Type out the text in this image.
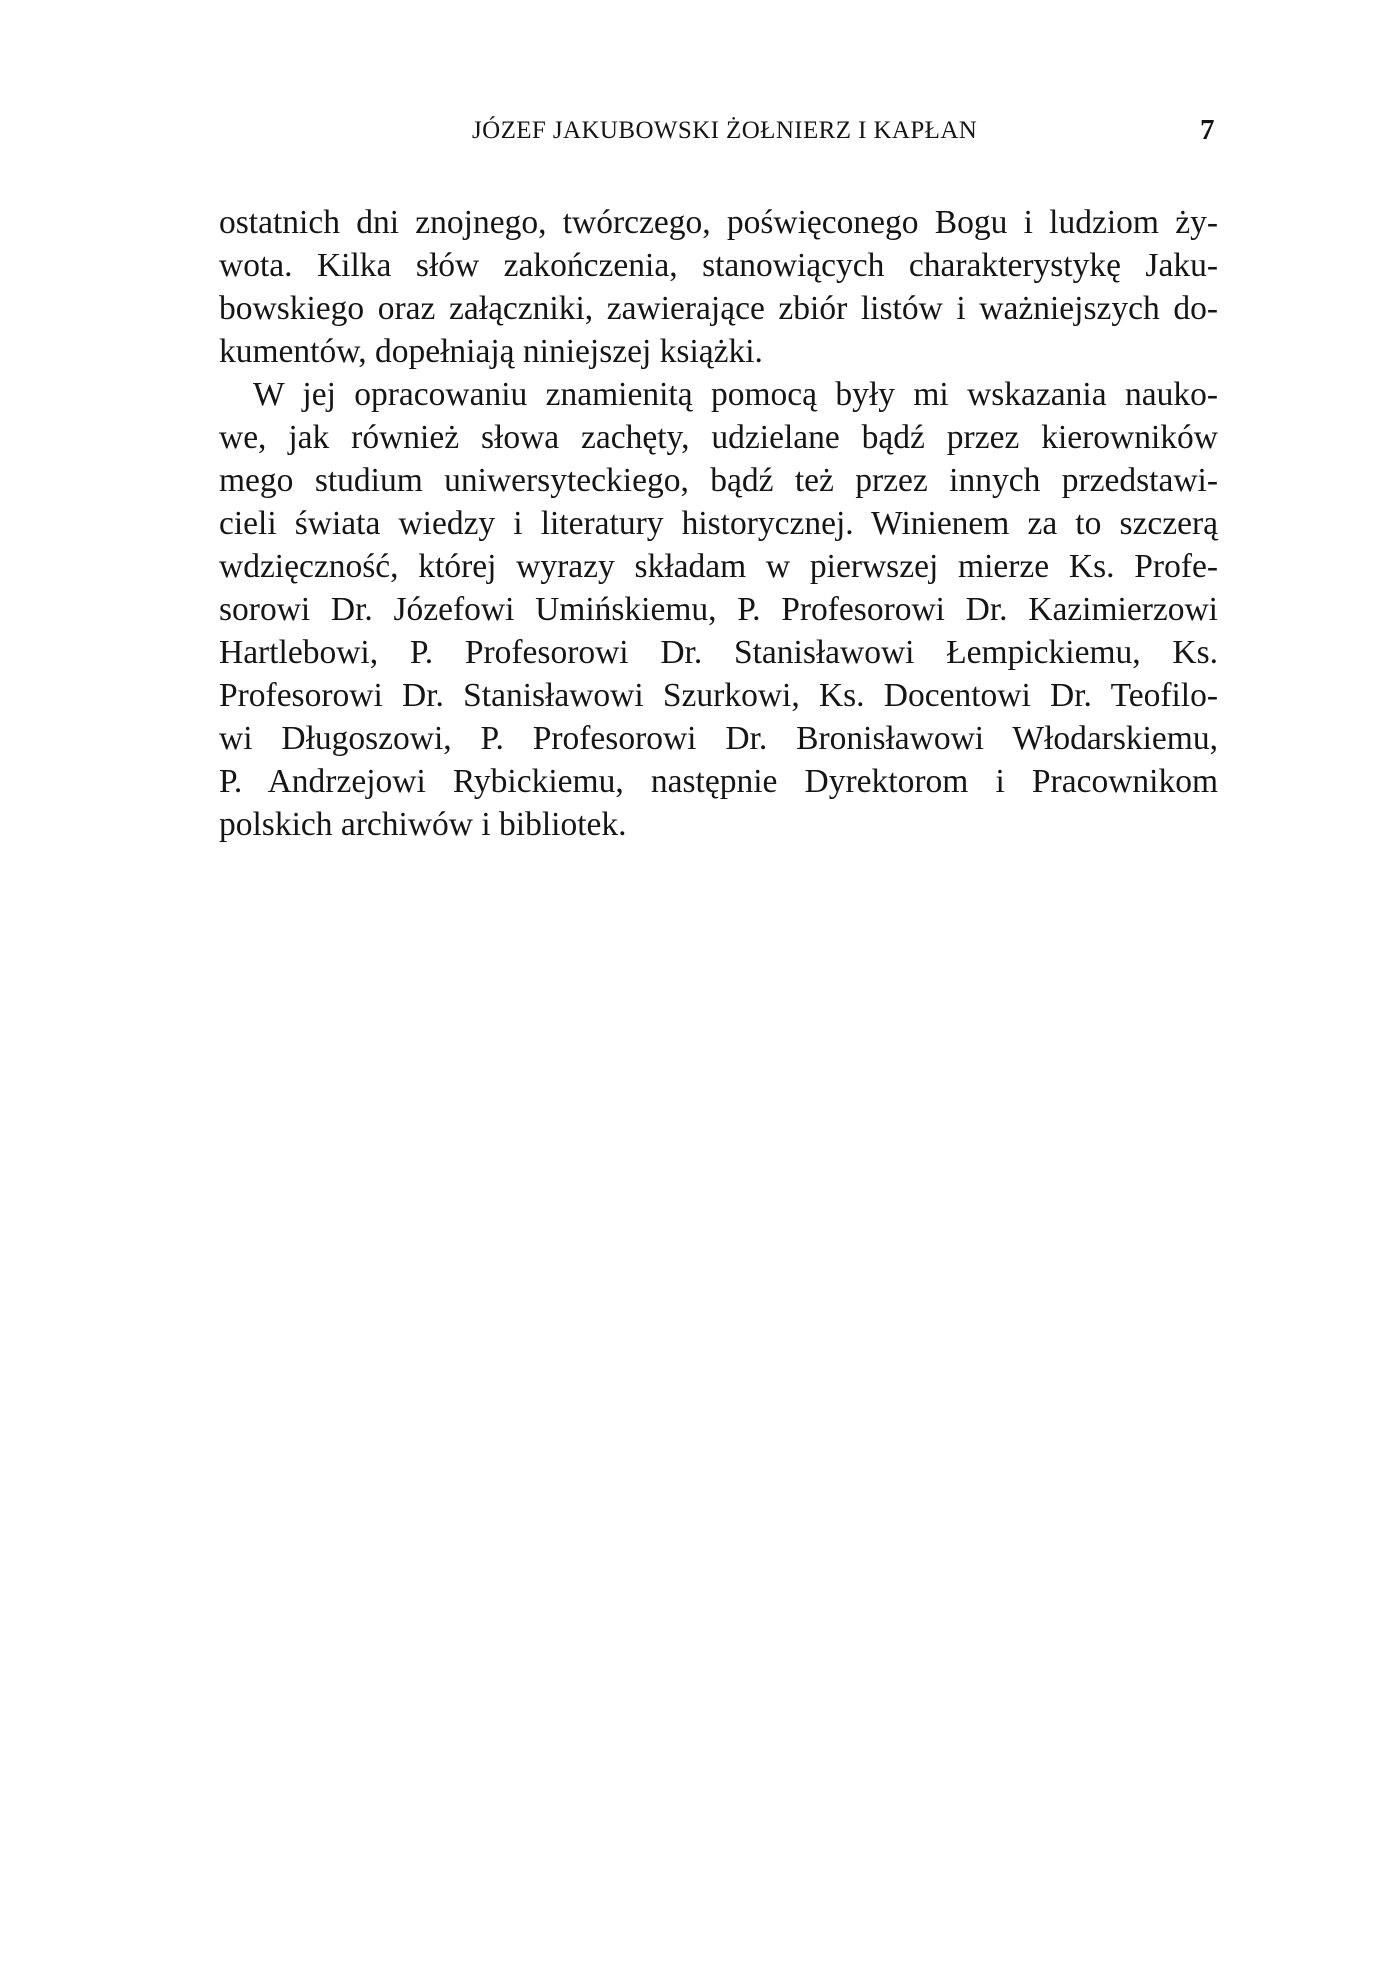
JÓZEF JAKUBOWSKI ŻOŁNIERZ I KAPŁAN	7
ostatnich dni znojnego, twórczego, poświęconego Bogu i ludziom ży-
wota. Kilka słów zakończenia, stanowiących charakterystykę Jaku-
bowskiego oraz załączniki, zawierające zbiór listów i ważniejszych do-
kumentów, dopełniają niniejszej książki.
W jej opracowaniu znamienitą pomocą były mi wskazania nauko-
we, jak również słowa zachęty, udzielane bądź przez kierowników
mego studium uniwersyteckiego, bądź też przez innych przedstawi-
cieli świata wiedzy i literatury historycznej. Winienem za to szczerą
wdzięczność, której wyrazy składam w pierwszej mierze Ks. Profe-
sorowi Dr. Józefowi Umińskiemu, P. Profesorowi Dr. Kazimierzowi
Hartlebowi, P. Profesorowi Dr. Stanisławowi Łempickiemu, Ks.
Profesorowi Dr. Stanisławowi Szurkowi, Ks. Docentowi Dr. Teofilo-
wi Długoszowi, P. Profesorowi Dr. Bronisławowi Włodarskiemu,
P. Andrzejowi Rybickiemu, następnie Dyrektorom i Pracownikom
polskich archiwów i bibliotek.
